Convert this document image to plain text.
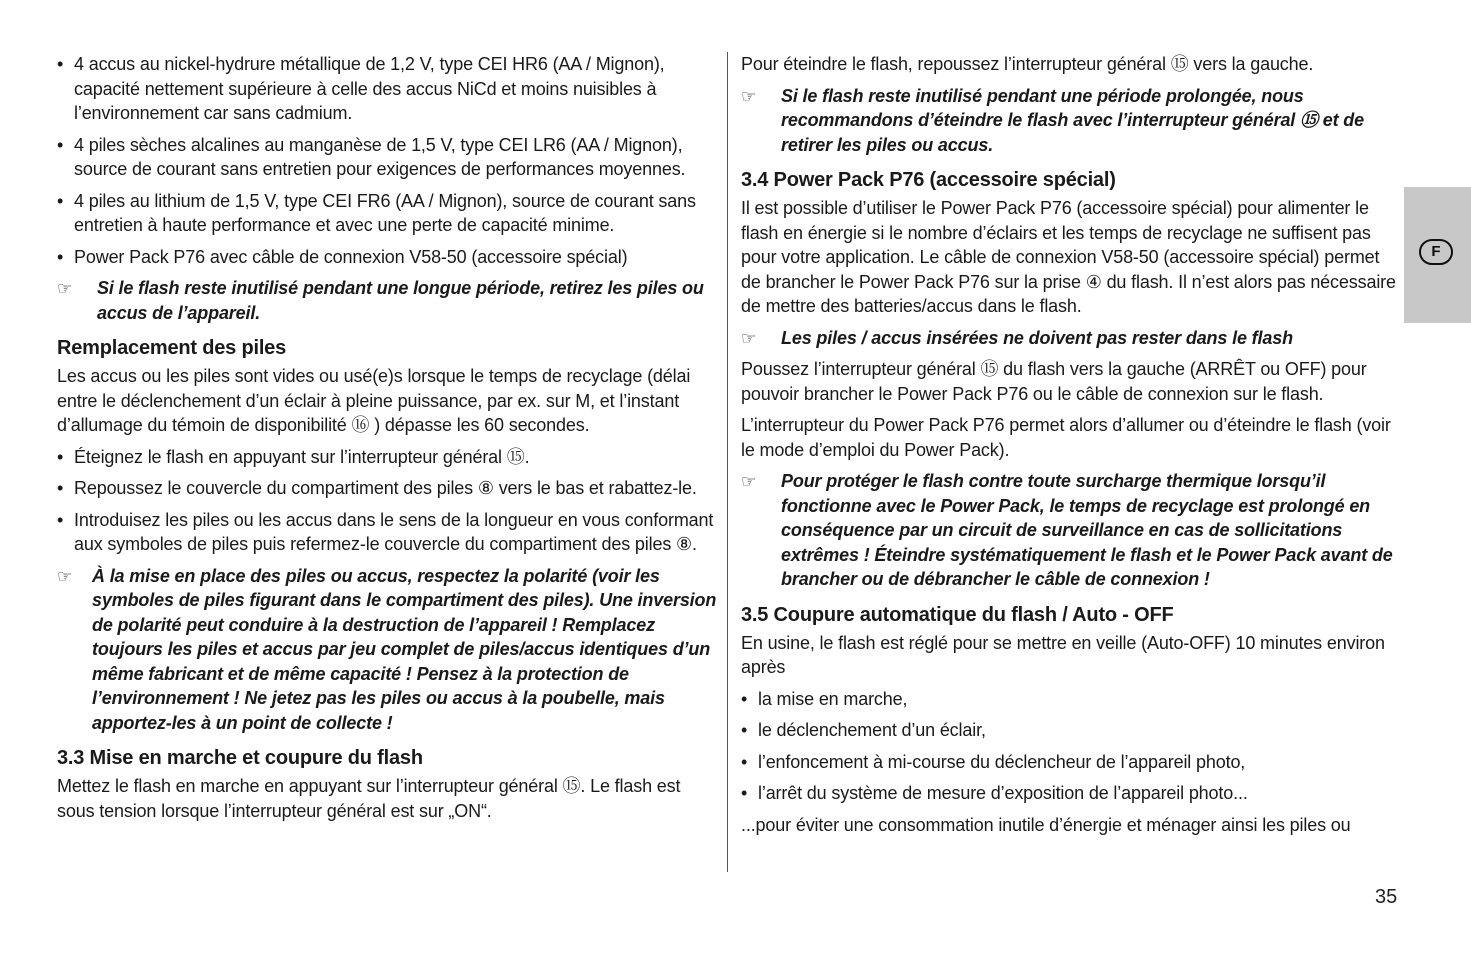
• 4 accus au nickel-hydrure métallique de 1,2 V, type CEI HR6 (AA / Mignon), capacité nettement supérieure à celle des accus NiCd et moins nuisibles à l’environnement car sans cadmium.
• 4 piles sèches alcalines au manganèse de 1,5 V, type CEI LR6 (AA / Mignon), source de courant sans entretien pour exigences de performances moyennes.
• 4 piles au lithium de 1,5 V, type CEI FR6 (AA / Mignon), source de courant sans entretien à haute performance et avec une perte de capacité minime.
• Power Pack P76 avec câble de connexion V58-50 (accessoire spécial)
☞ Si le flash reste inutilisé pendant une longue période, retirez les piles ou accus de l’appareil.
Remplacement des piles

Les accus ou les piles sont vides ou usé(e)s lorsque le temps de recyclage (délai entre le déclenchement d’un éclair à pleine puissance, par ex. sur M, et l’instant d’allumage du témoin de disponibilité ⑯ ) dépasse les 60 secondes.

• Éteignez le flash en appuyant sur l’interrupteur général ⑮.
• Repoussez le couvercle du compartiment des piles ⑧ vers le bas et rabattez-le.
• Introduisez les piles ou les accus dans le sens de la longueur en vous conformant aux symboles de piles puis refermez-le couvercle du compartiment des piles ⑧.
☞ À la mise en place des piles ou accus, respectez la polarité (voir les symboles de piles figurant dans le compartiment des piles). Une inversion de polarité peut conduire à la destruction de l’appareil ! Remplacez toujours les piles et accus par jeu complet de piles/accus identiques d’un même fabricant et de même capacité ! Pensez à la protection de l’environnement ! Ne jetez pas les piles ou accus à la poubelle, mais apportez-les à un point de collecte !
3.3 Mise en marche et coupure du flash

Mettez le flash en marche en appuyant sur l’interrupteur général ⑮. Le flash est sous tension lorsque l’interrupteur général est sur „ON“.

Pour éteindre le flash, repoussez l’interrupteur général ⑮ vers la gauche.

☞ Si le flash reste inutilisé pendant une période prolongée, nous recommandons d’éteindre le flash avec l’interrupteur général ⑮ et de retirer les piles ou accus.
3.4 Power Pack P76 (accessoire spécial)

Il est possible d’utiliser le Power Pack P76 (accessoire spécial) pour alimenter le flash en énergie si le nombre d’éclairs et les temps de recyclage ne suffisent pas pour votre application. Le câble de connexion V58-50 (accessoire spécial) permet de brancher le Power Pack P76 sur la prise ④ du flash. Il n’est alors pas nécessaire de mettre des batteries/accus dans le flash.

☞ Les piles / accus insérées ne doivent pas rester dans le flash

Poussez l’interrupteur général ⑮ du flash vers la gauche (ARRÊT ou OFF) pour pouvoir brancher le Power Pack P76 ou le câble de connexion sur le flash.

L’interrupteur du Power Pack P76 permet alors d’allumer ou d’éteindre le flash (voir le mode d’emploi du Power Pack).

☞ Pour protéger le flash contre toute surcharge thermique lorsqu’il fonctionne avec le Power Pack, le temps de recyclage est prolongé en conséquence par un circuit de surveillance en cas de sollicitations extrêmes ! Éteindre systématiquement le flash et le Power Pack avant de brancher ou de débrancher le câble de connexion !
3.5 Coupure automatique du flash / Auto - OFF

En usine, le flash est réglé pour se mettre en veille (Auto-OFF) 10 minutes environ après

• la mise en marche,
• le déclenchement d’un éclair,
• l’enfoncement à mi-course du déclencheur de l’appareil photo,
• l’arrêt du système de mesure d’exposition de l’appareil photo...

...pour éviter une consommation inutile d’énergie et ménager ainsi les piles ou

F
35
